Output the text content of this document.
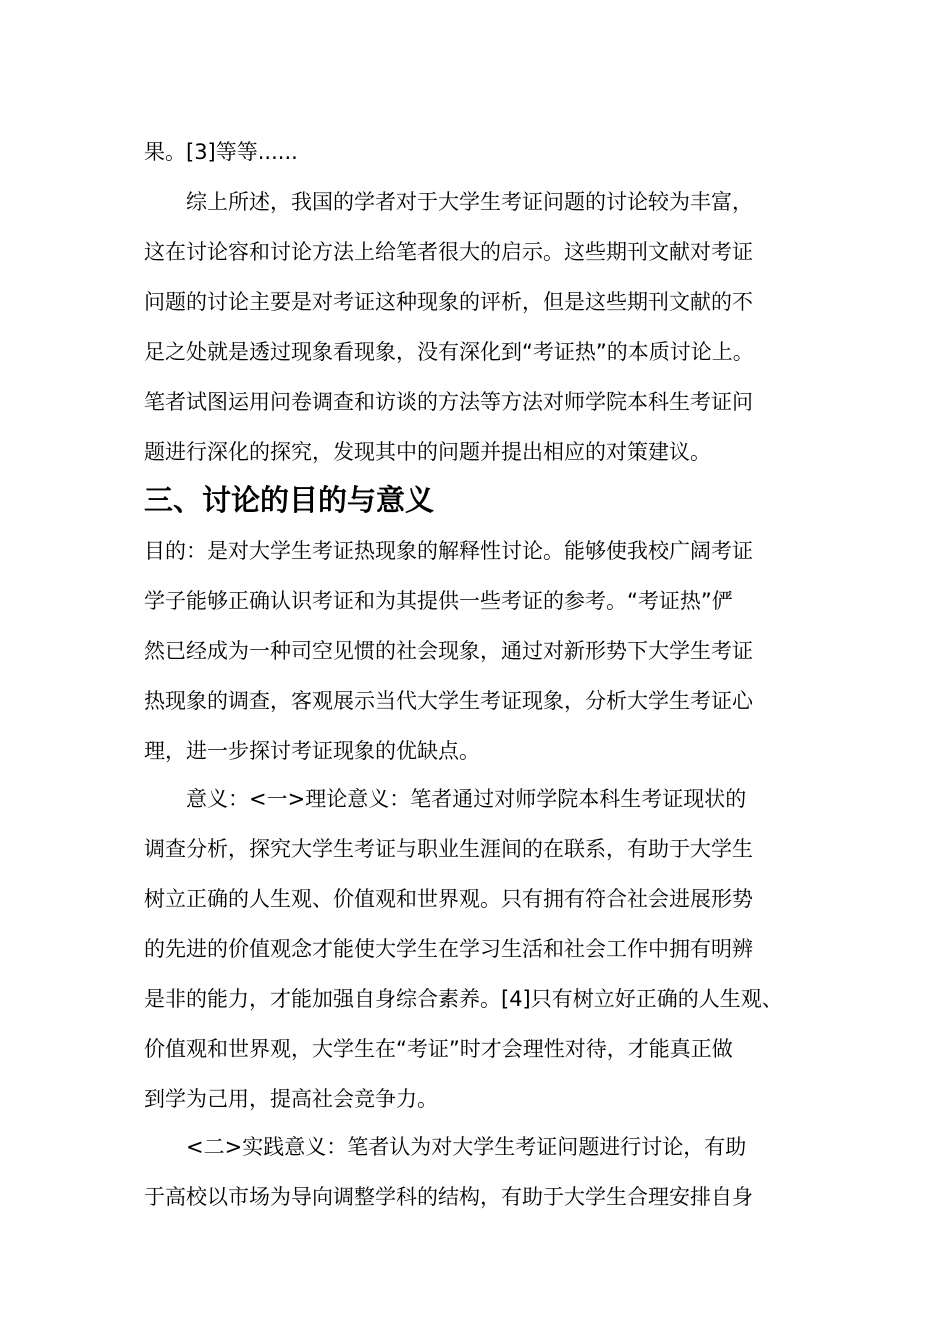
果。[3]等等......
综上所述，我国的学者对于大学生考证问题的讨论较为丰富，
这在讨论容和讨论方法上给笔者很大的启示。这些期刊文献对考证
问题的讨论主要是对考证这种现象的评析，但是这些期刊文献的不
足之处就是透过现象看现象，没有深化到“考证热”的本质讨论上。
笔者试图运用问卷调查和访谈的方法等方法对师学院本科生考证问
题进行深化的探究，发现其中的问题并提出相应的对策建议。
三、讨论的目的与意义
目的：是对大学生考证热现象的解释性讨论。能够使我校广阔考证
学子能够正确认识考证和为其提供一些考证的参考。“考证热”俨
然已经成为一种司空见惯的社会现象，通过对新形势下大学生考证
热现象的调查，客观展示当代大学生考证现象，分析大学生考证心
理，进一步探讨考证现象的优缺点。
意义：<一>理论意义：笔者通过对师学院本科生考证现状的
调查分析，探究大学生考证与职业生涯间的在联系，有助于大学生
树立正确的人生观、价值观和世界观。只有拥有符合社会进展形势
的先进的价值观念才能使大学生在学习生活和社会工作中拥有明辨
是非的能力，才能加强自身综合素养。[4]只有树立好正确的人生观、
价值观和世界观，大学生在“考证”时才会理性对待，才能真正做
到学为己用，提高社会竞争力。
<二>实践意义：笔者认为对大学生考证问题进行讨论，有助
于高校以市场为导向调整学科的结构，有助于大学生合理安排自身
